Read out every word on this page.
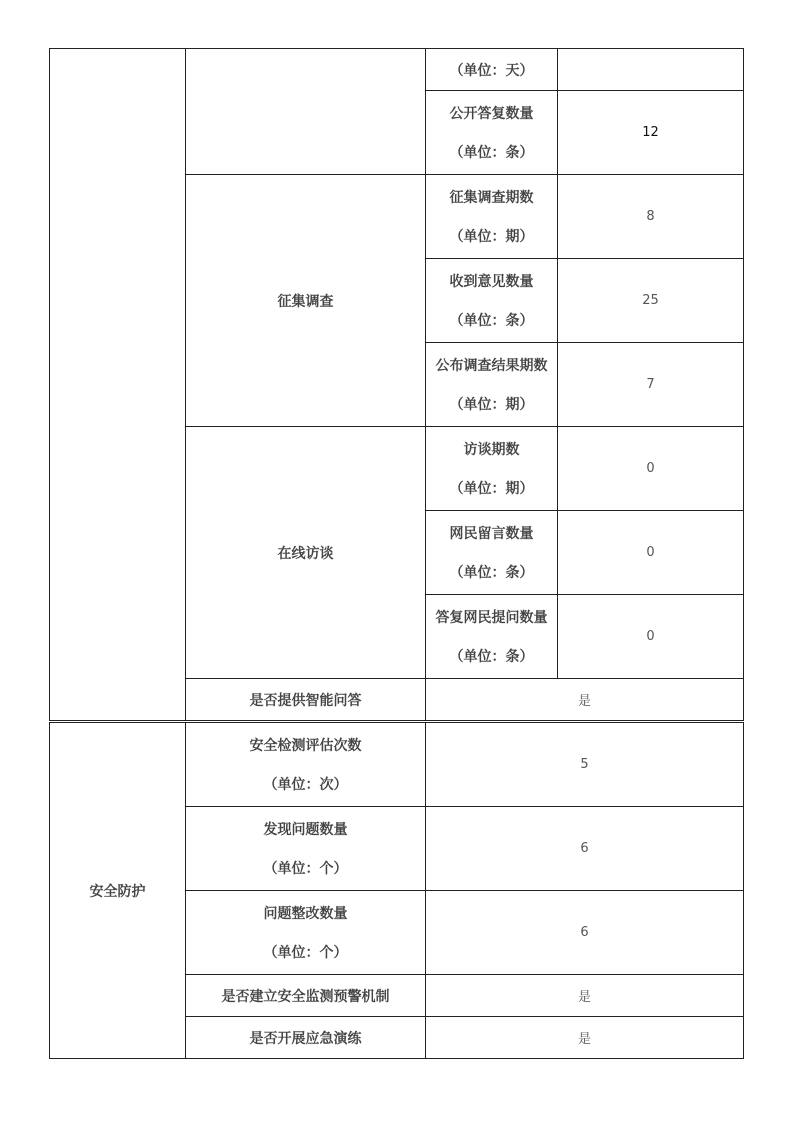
		（单位：天）	

		公开答复数量
（单位：条）	12
	征集调查	征集调查期数
（单位：期）	8

		收到意见数量
（单位：条）	25

		公布调查结果期数
（单位：期）	7
	在线访谈	访谈期数
（单位：期）	0

		网民留言数量
（单位：条）	0

		答复网民提问数量
（单位：条）	0
	是否提供智能问答	是	
安全防护	安全检测评估次数
（单位：次）	5

	发现问题数量
（单位：个）	6

	问题整改数量
（单位：个）	6
	是否建立安全监测预警机制	是
	是否开展应急演练	是
